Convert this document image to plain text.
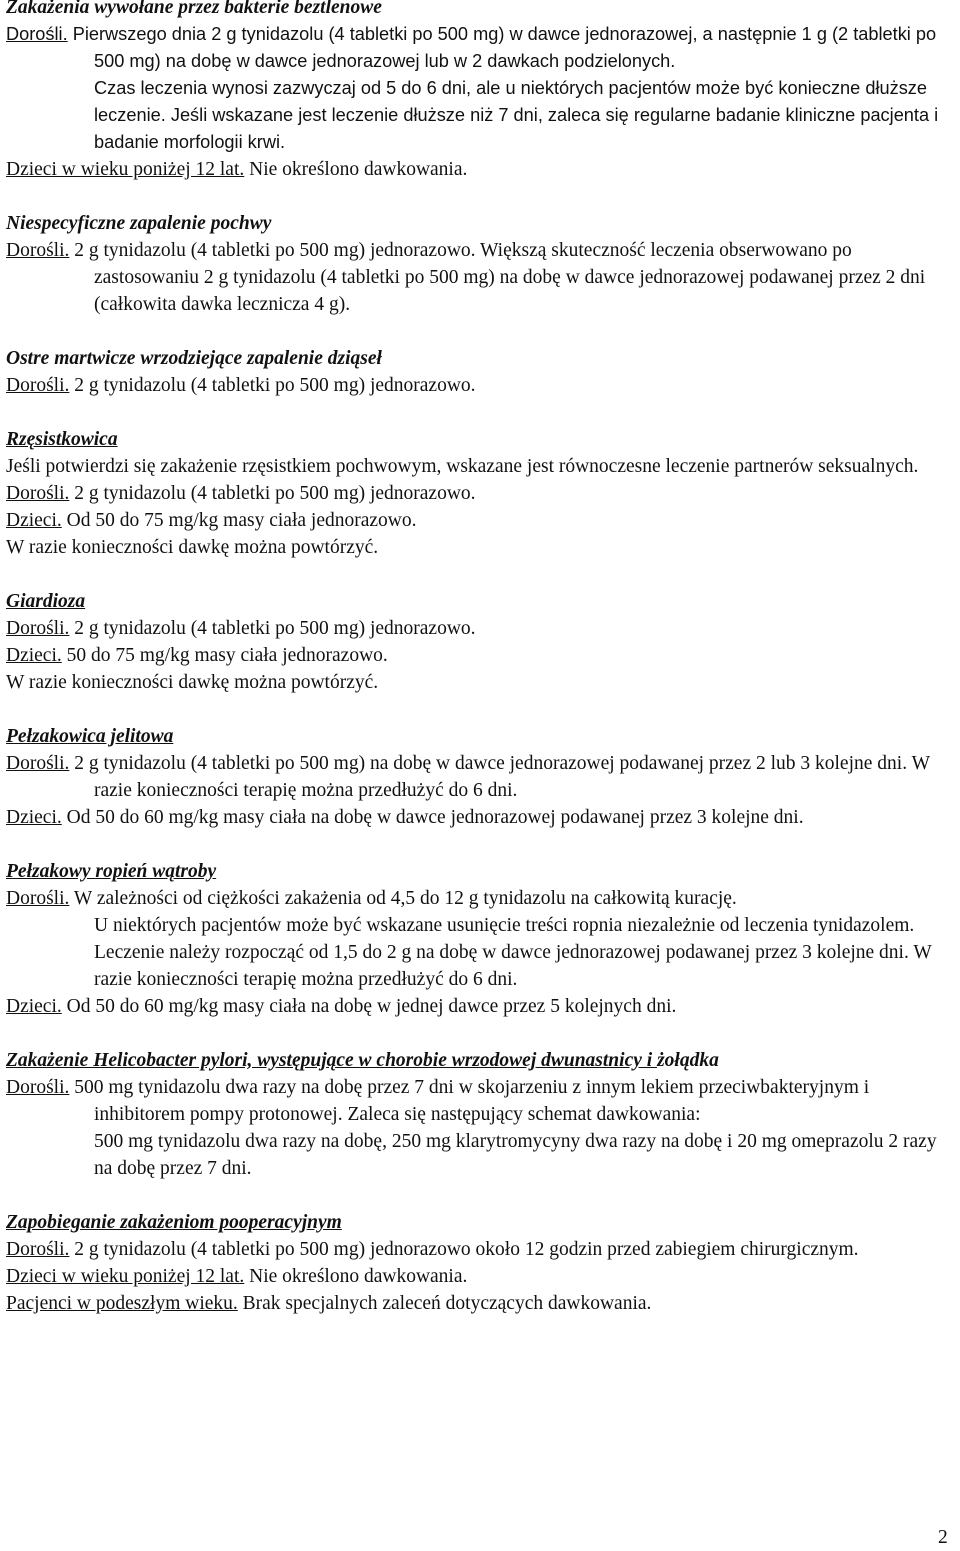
Zakażenia wywołane przez bakterie beztlenowe
Dorośli. Pierwszego dnia 2 g tynidazolu (4 tabletki po 500 mg) w dawce jednorazowej, a następnie 1 g (2 tabletki po 500 mg) na dobę w dawce jednorazowej lub w 2 dawkach podzielonych.
Czas leczenia wynosi zazwyczaj od 5 do 6 dni, ale u niektórych pacjentów może być konieczne dłuższe leczenie. Jeśli wskazane jest leczenie dłuższe niż 7 dni, zaleca się regularne badanie kliniczne pacjenta i badanie morfologii krwi.
Dzieci w wieku poniżej 12 lat. Nie określono dawkowania.
Niespecyficzne zapalenie pochwy
Dorośli. 2 g tynidazolu (4 tabletki po 500 mg) jednorazowo. Większą skuteczność leczenia obserwowano po zastosowaniu 2 g tynidazolu (4 tabletki po 500 mg) na dobę w dawce jednorazowej podawanej przez 2 dni (całkowita dawka lecznicza 4 g).
Ostre martwicze wrzodziejące zapalenie dziąseł
Dorośli. 2 g tynidazolu (4 tabletki po 500 mg) jednorazowo.
Rzęsistkowica
Jeśli potwierdzi się zakażenie rzęsistkiem pochwowym, wskazane jest równoczesne leczenie partnerów seksualnych.
Dorośli. 2 g tynidazolu (4 tabletki po 500 mg) jednorazowo.
Dzieci. Od 50 do 75 mg/kg masy ciała jednorazowo.
W razie konieczności dawkę można powtórzyć.
Giardioza
Dorośli. 2 g tynidazolu (4 tabletki po 500 mg) jednorazowo.
Dzieci. 50 do 75 mg/kg masy ciała jednorazowo.
W razie konieczności dawkę można powtórzyć.
Pełzakowica jelitowa
Dorośli. 2 g tynidazolu (4 tabletki po 500 mg) na dobę w dawce jednorazowej podawanej przez 2 lub 3 kolejne dni. W razie konieczności terapię można przedłużyć do 6 dni.
Dzieci. Od 50 do 60 mg/kg masy ciała na dobę w dawce jednorazowej podawanej przez 3 kolejne dni.
Pełzakowy ropień wątroby
Dorośli. W zależności od ciężkości zakażenia od 4,5 do 12 g tynidazolu na całkowitą kurację.
U niektórych pacjentów może być wskazane usunięcie treści ropnia niezależnie od leczenia tynidazolem.
Leczenie należy rozpocząć od 1,5 do 2 g na dobę w dawce jednorazowej podawanej przez 3 kolejne dni. W razie konieczności terapię można przedłużyć do 6 dni.
Dzieci. Od 50 do 60 mg/kg masy ciała na dobę w jednej dawce przez 5 kolejnych dni.
Zakażenie Helicobacter pylori, występujące w chorobie wrzodowej dwunastnicy i żołądka
Dorośli. 500 mg tynidazolu dwa razy na dobę przez 7 dni w skojarzeniu z innym lekiem przeciwbakteryjnym i inhibitorem pompy protonowej. Zaleca się następujący schemat dawkowania:
500 mg tynidazolu dwa razy na dobę, 250 mg klarytromycyny dwa razy na dobę i 20 mg omeprazolu 2 razy na dobę przez 7 dni.
Zapobieganie zakażeniom pooperacyjnym
Dorośli. 2 g tynidazolu (4 tabletki po 500 mg) jednorazowo około 12 godzin przed zabiegiem chirurgicznym.
Dzieci w wieku poniżej 12 lat. Nie określono dawkowania.
Pacjenci w podeszłym wieku. Brak specjalnych zaleceń dotyczących dawkowania.
2
